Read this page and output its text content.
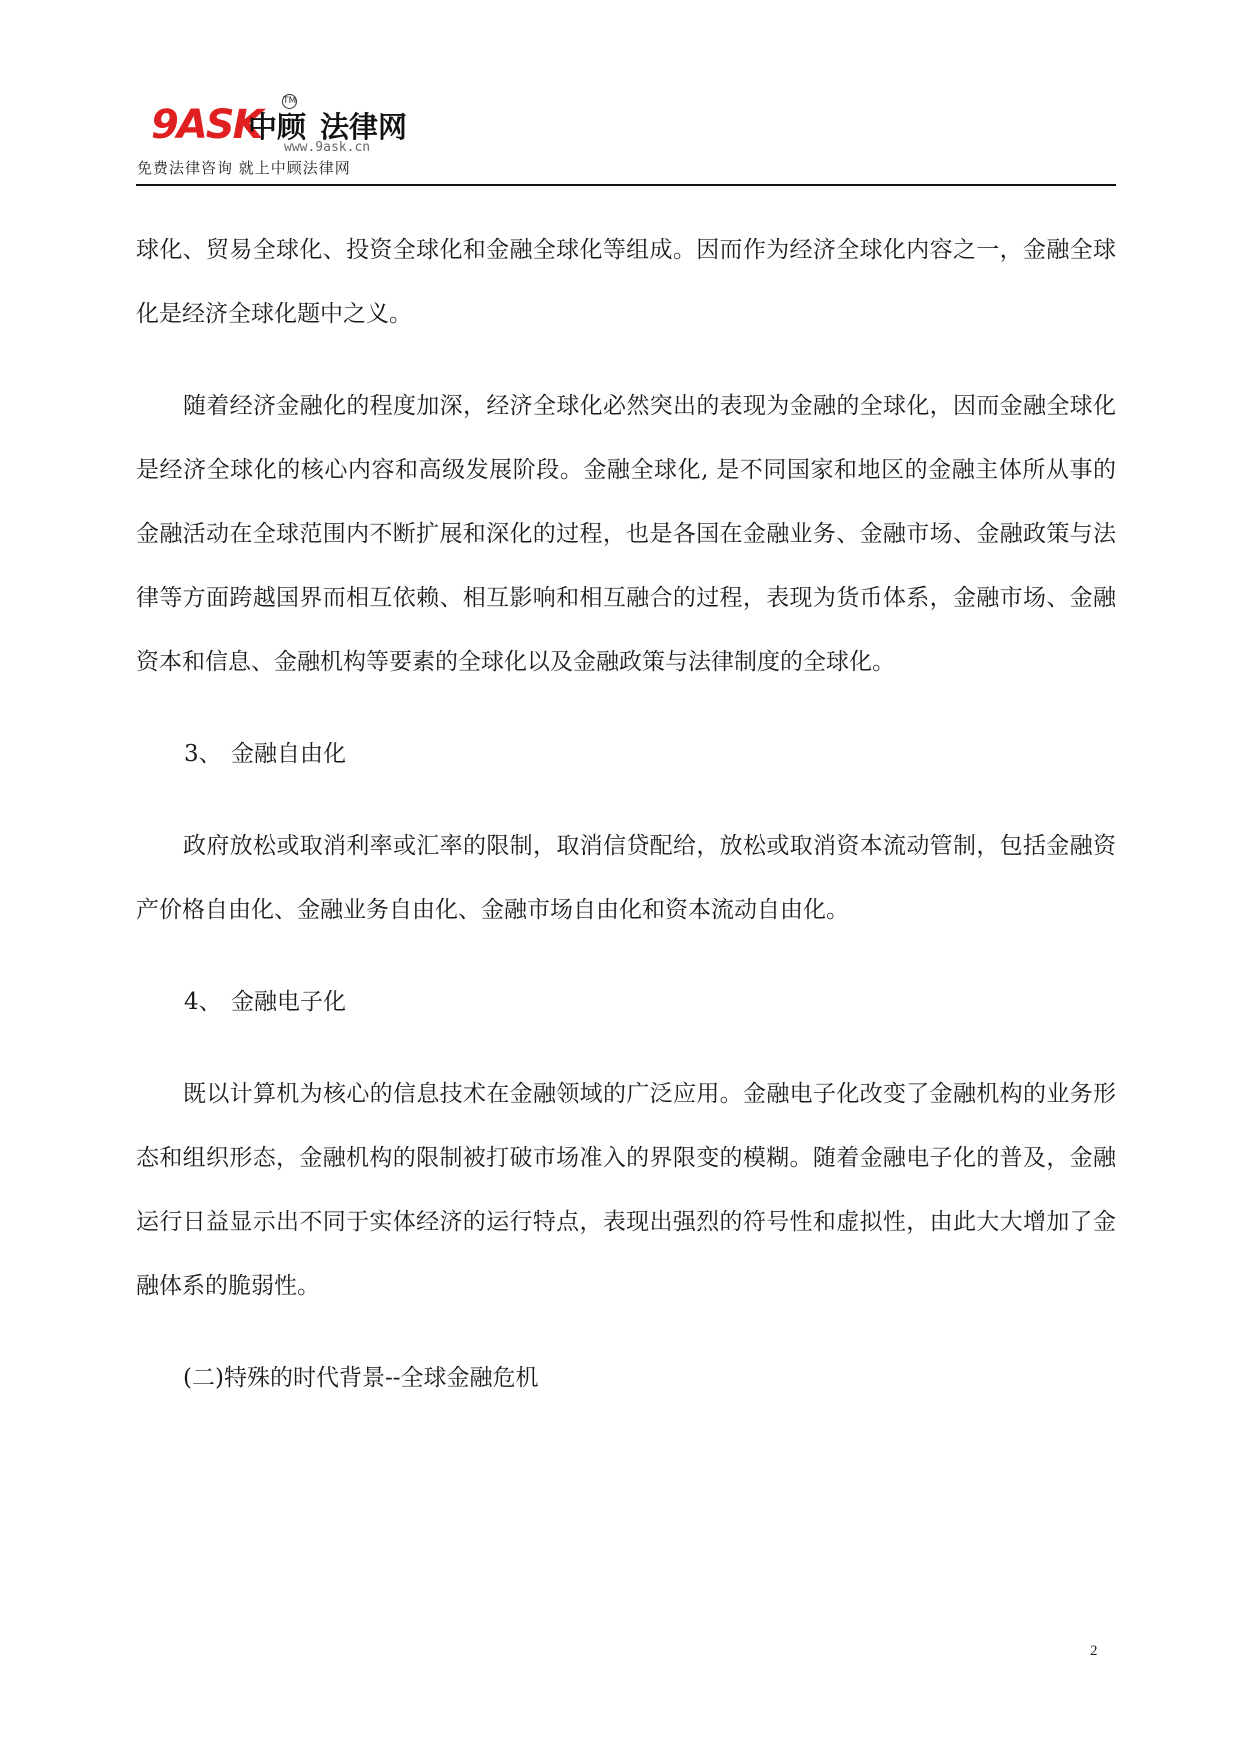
9ASK
中顾 法律网
TM
www.9ask.cn
免费法律咨询 就上中顾法律网

球化、贸易全球化、投资全球化和金融全球化等组成。因而作为经济全球化内容之一，金融全球化是经济全球化题中之义。

随着经济金融化的程度加深，经济全球化必然突出的表现为金融的全球化，因而金融全球化是经济全球化的核心内容和高级发展阶段。金融全球化, 是不同国家和地区的金融主体所从事的金融活动在全球范围内不断扩展和深化的过程，也是各国在金融业务、金融市场、金融政策与法律等方面跨越国界而相互依赖、相互影响和相互融合的过程，表现为货币体系，金融市场、金融资本和信息、金融机构等要素的全球化以及金融政策与法律制度的全球化。

3、 金融自由化

政府放松或取消利率或汇率的限制，取消信贷配给，放松或取消资本流动管制，包括金融资产价格自由化、金融业务自由化、金融市场自由化和资本流动自由化。

4、 金融电子化

既以计算机为核心的信息技术在金融领域的广泛应用。金融电子化改变了金融机构的业务形态和组织形态，金融机构的限制被打破市场准入的界限变的模糊。随着金融电子化的普及，金融运行日益显示出不同于实体经济的运行特点，表现出强烈的符号性和虚拟性，由此大大增加了金融体系的脆弱性。

(二)特殊的时代背景--全球金融危机

2
